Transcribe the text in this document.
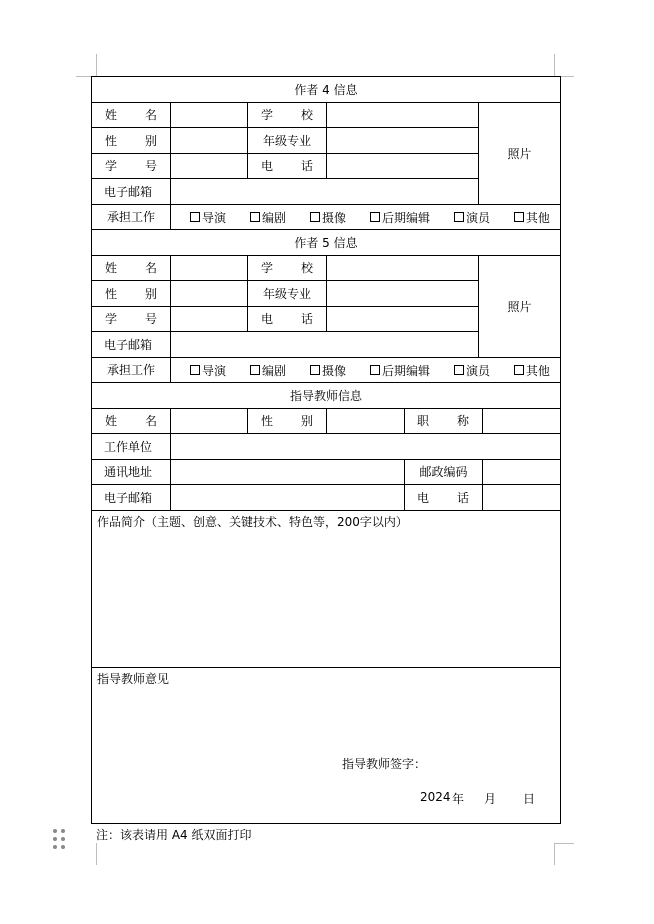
作者 4 信息
姓 名	学 校
性 别	年级专业
学 号	电 话
电子邮箱
照片
承担工作	导演	编剧	摄像	后期编辑	演员	其他
作者 5 信息
姓 名	学 校
性 别	年级专业
学 号	电 话
电子邮箱
照片
承担工作	导演	编剧	摄像	后期编辑	演员	其他
指导教师信息
姓 名	性 别	职 称
工作单位
通讯地址	邮政编码
电子邮箱	电 话
作品简介（主题、创意、关键技术、特色等，200字以内）
指导教师意见
指导教师签字：
2024 年 月 日
注：该表请用 A4 纸双面打印
